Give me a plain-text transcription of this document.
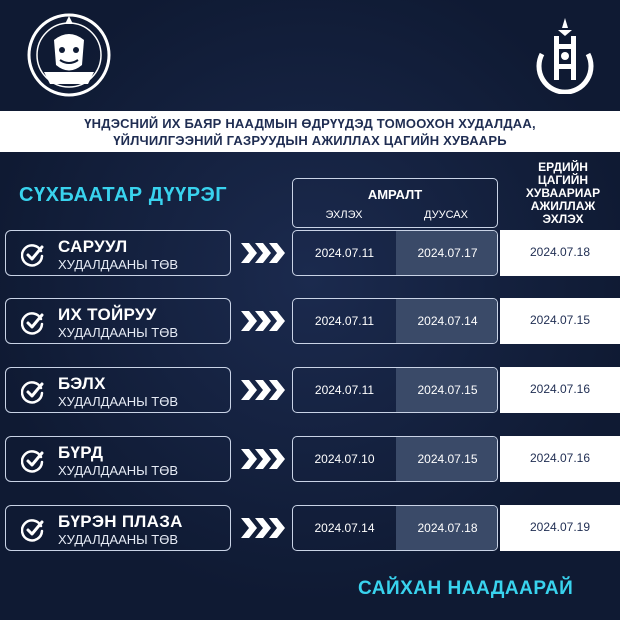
ҮНДЭСНИЙ ИХ БАЯР НААДМЫН ӨДРҮҮДЭД ТОМООХОН ХУДАЛДАА,
ҮЙЛЧИЛГЭЭНИЙ ГАЗРУУДЫН АЖИЛЛАХ ЦАГИЙН ХУВААРЬ
СҮХБААТАР ДҮҮРЭГ	АМРАЛТ
ЭХЛЭХ	ДУУСАХ
ЕРДИЙН
ЦАГИЙН
ХУВААРИАР
АЖИЛЛАЖ
ЭХЛЭХ
САРУУЛ
ХУДАЛДААНЫ ТӨВ
2024.07.11	2024.07.17	2024.07.18
ИХ ТОЙРУУ
ХУДАЛДААНЫ ТӨВ
2024.07.11	2024.07.14	2024.07.15
БЭЛХ
ХУДАЛДААНЫ ТӨВ
2024.07.11	2024.07.15	2024.07.16
БҮРД
ХУДАЛДААНЫ ТӨВ
2024.07.10	2024.07.15	2024.07.16
БҮРЭН ПЛАЗА
ХУДАЛДААНЫ ТӨВ
2024.07.14	2024.07.18	2024.07.19
САЙХАН НААДААРАЙ
